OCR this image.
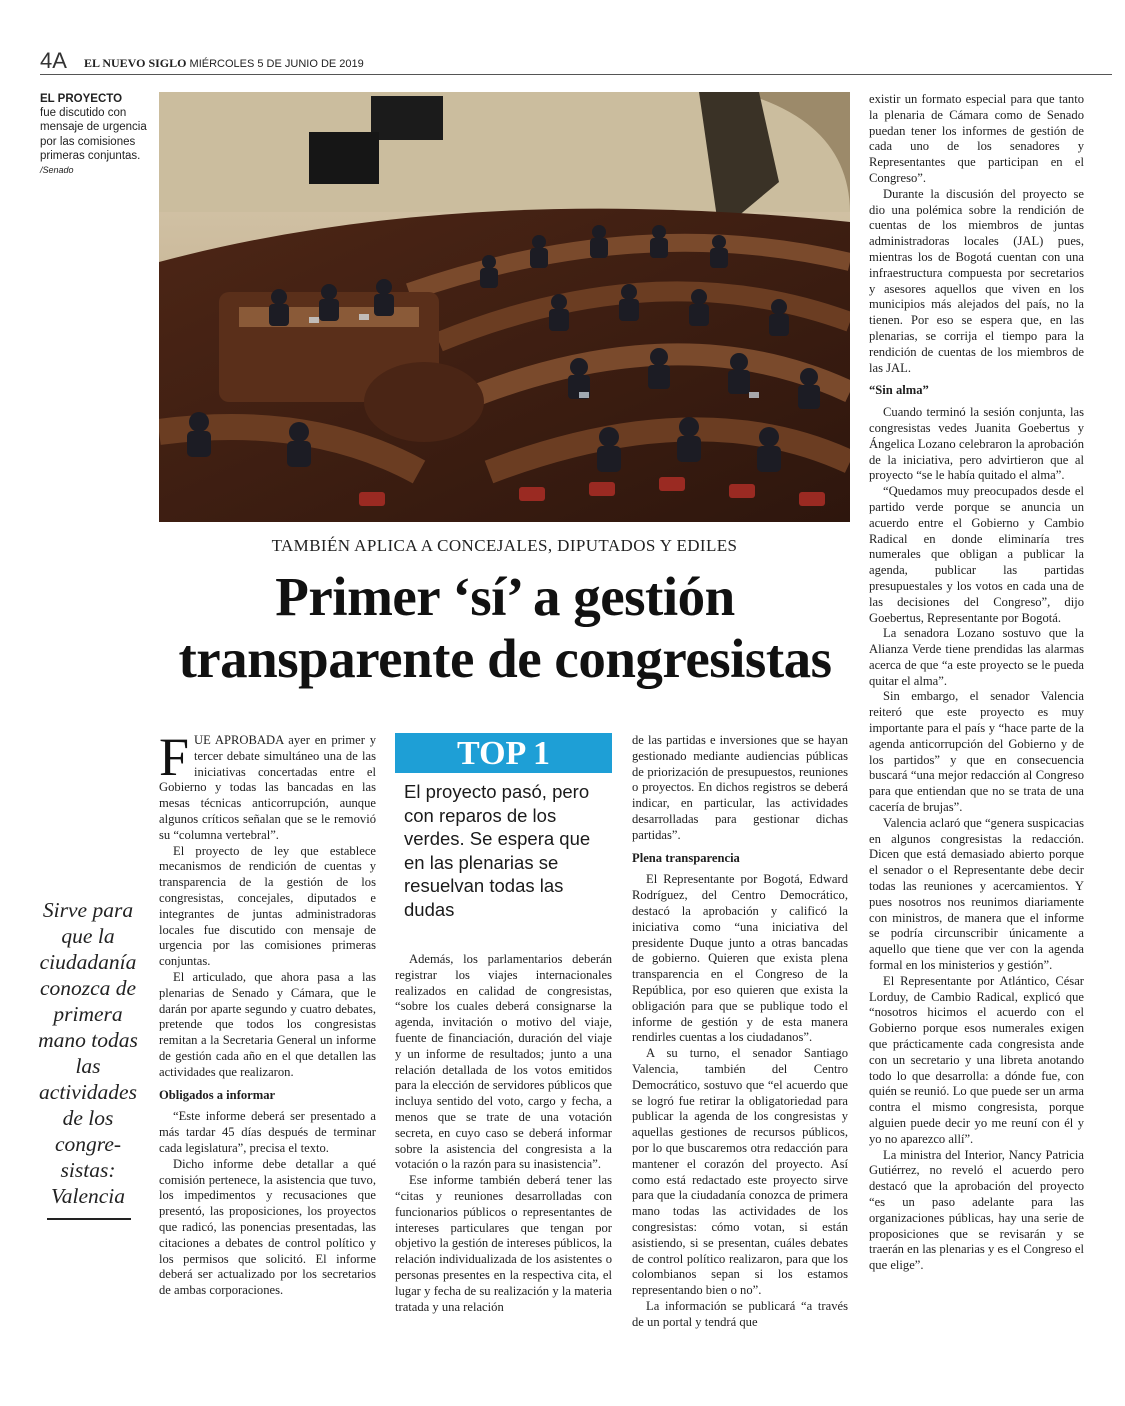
4A EL NUEVO SIGLO MIÉRCOLES 5 DE JUNIO DE 2019
EL PROYECTO
fue discutido con mensaje de urgencia por las comisiones primeras conjuntas. /Senado
TAMBIÉN APLICA A CONCEJALES, DIPUTADOS Y EDILES
Primer ‘sí’ a gestión
transparente de congresistas
Sirve para que la ciudadanía conozca de primera mano todas las actividades de los congre-sistas: Valencia

FUE APROBADA ayer en primer y tercer debate simultáneo una de las iniciativas concertadas entre el Gobierno y todas las bancadas en las mesas técnicas anticorrupción, aunque algunos críticos señalan que se le removió su “columna vertebral”.

El proyecto de ley que establece mecanismos de rendición de cuentas y transparencia de la gestión de los congresistas, concejales, diputados e integrantes de juntas administradoras locales fue discutido con mensaje de urgencia por las comisiones primeras conjuntas.

El articulado, que ahora pasa a las plenarias de Senado y Cámara, que le darán por aparte segundo y cuatro debates, pretende que todos los congresistas remitan a la Secretaria General un informe de gestión cada año en el que detallen las actividades que realizaron.

Obligados a informar

“Este informe deberá ser presentado a más tardar 45 días después de terminar cada legislatura”, precisa el texto.

Dicho informe debe detallar a qué comisión pertenece, la asistencia que tuvo, los impedimentos y recusaciones que presentó, las proposiciones, los proyectos que radicó, las ponencias presentadas, las citaciones a debates de control político y los permisos que solicitó. El informe deberá ser actualizado por los secretarios de ambas corporaciones.

TOP 1
El proyecto pasó, pero con reparos de los verdes. Se espera que en las plenarias se resuelvan todas las dudas

Además, los parlamentarios deberán registrar los viajes internacionales realizados en calidad de congresistas, “sobre los cuales deberá consignarse la agenda, invitación o motivo del viaje, fuente de financiación, duración del viaje y un informe de resultados; junto a una relación detallada de los votos emitidos para la elección de servidores públicos que incluya sentido del voto, cargo y fecha, a menos que se trate de una votación secreta, en cuyo caso se deberá informar sobre la asistencia del congresista a la votación o la razón para su inasistencia”.

Ese informe también deberá tener las “citas y reuniones desarrolladas con funcionarios públicos o representantes de intereses particulares que tengan por objetivo la gestión de intereses públicos, la relación individualizada de los asistentes o personas presentes en la respectiva cita, el lugar y fecha de su realización y la materia tratada y una relación

de las partidas e inversiones que se hayan gestionado mediante audiencias públicas de priorización de presupuestos, reuniones o proyectos. En dichos registros se deberá indicar, en particular, las actividades desarrolladas para gestionar dichas partidas”.

Plena transparencia

El Representante por Bogotá, Edward Rodríguez, del Centro Democrático, destacó la aprobación y calificó la iniciativa como “una iniciativa del presidente Duque junto a otras bancadas de gobierno. Quieren que exista plena transparencia en el Congreso de la República, por eso quieren que exista la obligación para que se publique todo el informe de gestión y de esta manera rendirles cuentas a los ciudadanos”.

A su turno, el senador Santiago Valencia, también del Centro Democrático, sostuvo que “el acuerdo que se logró fue retirar la obligatoriedad para publicar la agenda de los congresistas y aquellas gestiones de recursos públicos, por lo que buscaremos otra redacción para mantener el corazón del proyecto. Así como está redactado este proyecto sirve para que la ciudadanía conozca de primera mano todas las actividades de los congresistas: cómo votan, si están asistiendo, si se presentan, cuáles debates de control político realizaron, para que los colombianos sepan si los estamos representando bien o no”.

La información se publicará “a través de un portal y tendrá que

existir un formato especial para que tanto la plenaria de Cámara como de Senado puedan tener los informes de gestión de cada uno de los senadores y Representantes que participan en el Congreso”.

Durante la discusión del proyecto se dio una polémica sobre la rendición de cuentas de los miembros de juntas administradoras locales (JAL) pues, mientras los de Bogotá cuentan con una infraestructura compuesta por secretarios y asesores aquellos que viven en los municipios más alejados del país, no la tienen. Por eso se espera que, en las plenarias, se corrija el tiempo para la rendición de cuentas de los miembros de las JAL.

“Sin alma”

Cuando terminó la sesión conjunta, las congresistas vedes Juanita Goebertus y Ángelica Lozano celebraron la aprobación de la iniciativa, pero advirtieron que al proyecto “se le había quitado el alma”.

“Quedamos muy preocupados desde el partido verde porque se anuncia un acuerdo entre el Gobierno y Cambio Radical en donde eliminaría tres numerales que obligan a publicar la agenda, publicar las partidas presupuestales y los votos en cada una de las decisiones del Congreso”, dijo Goebertus, Representante por Bogotá.

La senadora Lozano sostuvo que la Alianza Verde tiene prendidas las alarmas acerca de que “a este proyecto se le pueda quitar el alma”.

Sin embargo, el senador Valencia reiteró que este proyecto es muy importante para el país y “hace parte de la agenda anticorrupción del Gobierno y de los partidos” y que en consecuencia buscará “una mejor redacción al Congreso para que entiendan que no se trata de una cacería de brujas”.

Valencia aclaró que “genera suspicacias en algunos congresistas la redacción. Dicen que está demasiado abierto porque el senador o el Representante debe decir todas las reuniones y acercamientos. Y pues nosotros nos reunimos diariamente con ministros, de manera que el informe se podría circunscribir únicamente a aquello que tiene que ver con la agenda formal en los ministerios y gestión”.

El Representante por Atlántico, César Lorduy, de Cambio Radical, explicó que “nosotros hicimos el acuerdo con el Gobierno porque esos numerales exigen que prácticamente cada congresista ande con un secretario y una libreta anotando todo lo que desarrolla: a dónde fue, con quién se reunió. Lo que puede ser un arma contra el mismo congresista, porque alguien puede decir yo me reuní con él y yo no aparezco allí”.

La ministra del Interior, Nancy Patricia Gutiérrez, no reveló el acuerdo pero destacó que la aprobación del proyecto “es un paso adelante para las organizaciones públicas, hay una serie de proposiciones que se revisarán y se traerán en las plenarias y es el Congreso el que elige”.
